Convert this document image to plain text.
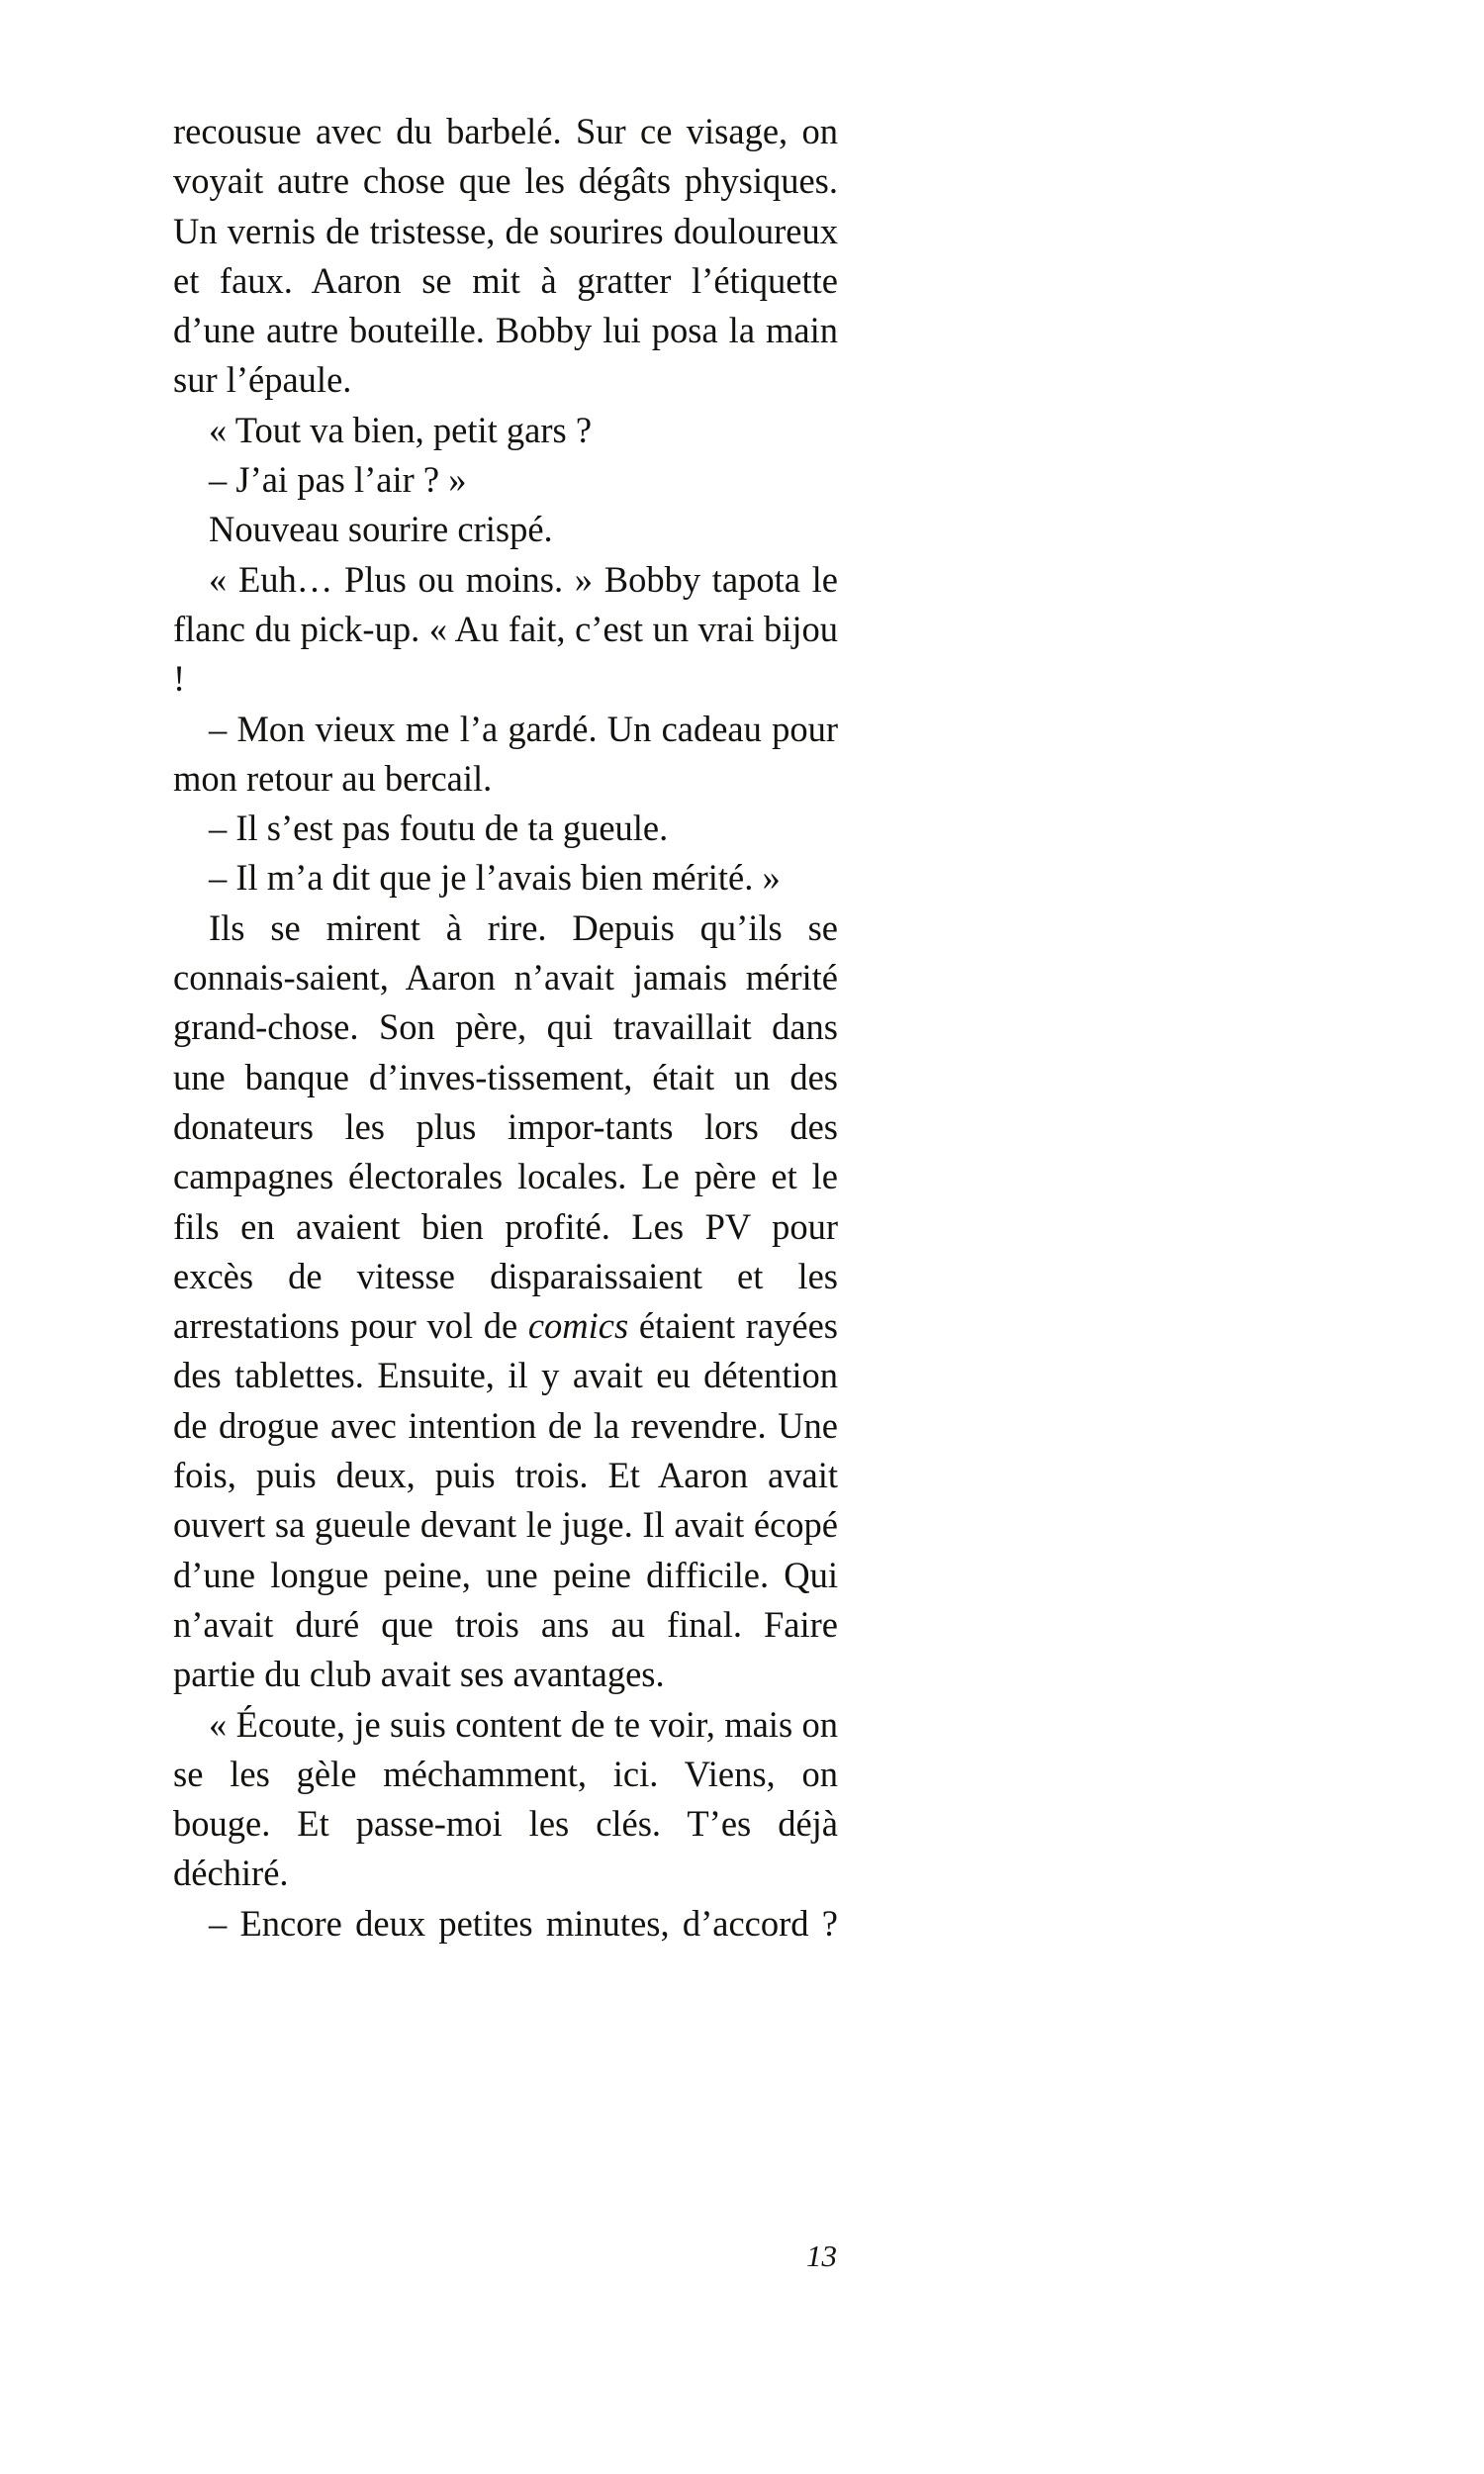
recousue avec du barbelé. Sur ce visage, on voyait autre chose que les dégâts physiques. Un vernis de tristesse, de sourires douloureux et faux. Aaron se mit à gratter l’étiquette d’une autre bouteille. Bobby lui posa la main sur l’épaule.

« Tout va bien, petit gars ?

– J’ai pas l’air ? »

Nouveau sourire crispé.

« Euh… Plus ou moins. » Bobby tapota le flanc du pick-up. « Au fait, c’est un vrai bijou !

– Mon vieux me l’a gardé. Un cadeau pour mon retour au bercail.

– Il s’est pas foutu de ta gueule.

– Il m’a dit que je l’avais bien mérité. »

Ils se mirent à rire. Depuis qu’ils se connais-saient, Aaron n’avait jamais mérité grand-chose. Son père, qui travaillait dans une banque d’inves-tissement, était un des donateurs les plus impor-tants lors des campagnes électorales locales. Le père et le fils en avaient bien profité. Les PV pour excès de vitesse disparaissaient et les arrestations pour vol de comics étaient rayées des tablettes. Ensuite, il y avait eu détention de drogue avec intention de la revendre. Une fois, puis deux, puis trois. Et Aaron avait ouvert sa gueule devant le juge. Il avait écopé d’une longue peine, une peine difficile. Qui n’avait duré que trois ans au final. Faire partie du club avait ses avantages.

« Écoute, je suis content de te voir, mais on se les gèle méchamment, ici. Viens, on bouge. Et passe-moi les clés. T’es déjà déchiré.

– Encore deux petites minutes, d’accord ?

13
